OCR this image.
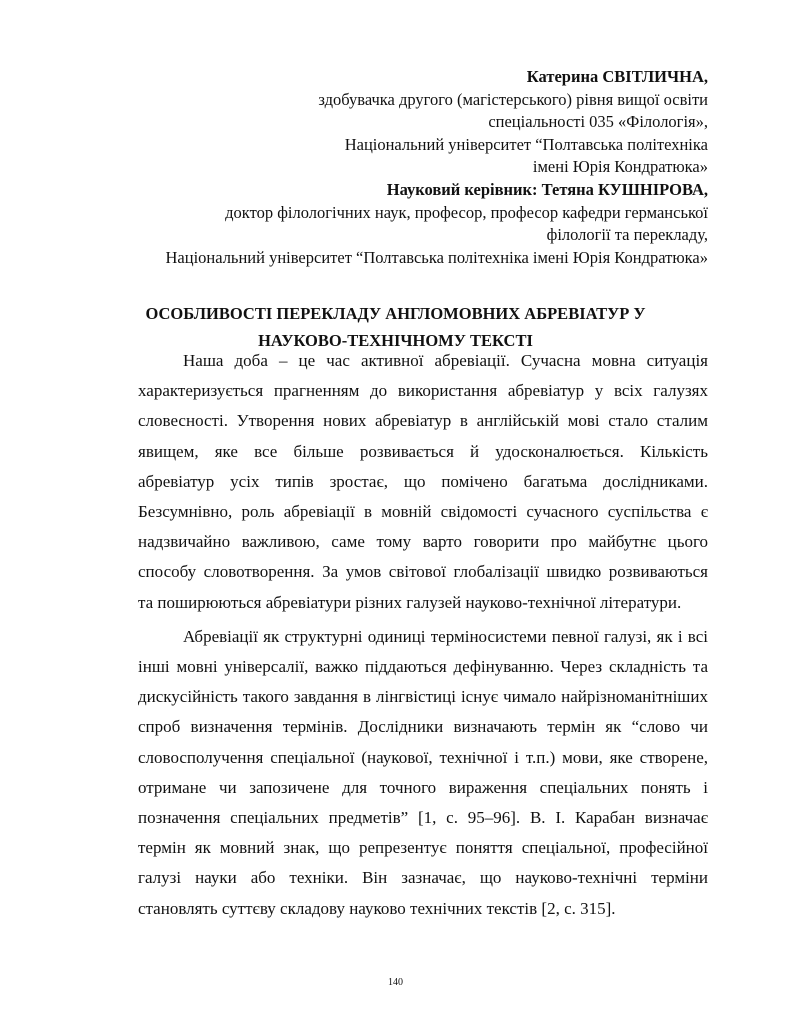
Катерина СВІТЛИЧНА,
здобувачка другого (магістерського) рівня вищої освіти
спеціальності 035 «Філологія»,
Національний університет “Полтавська політехніка
імені Юрія Кондратюка»
Науковий керівник: Тетяна КУШНІРОВА,
доктор філологічних наук, професор, професор кафедри германської
філології та перекладу,
Національний університет “Полтавська політехніка імені Юрія Кондратюка»
ОСОБЛИВОСТІ ПЕРЕКЛАДУ АНГЛОМОВНИХ АБРЕВІАТУР У
НАУКОВО-ТЕХНІЧНОМУ ТЕКСТІ
Наша доба – це час активної абревіації. Сучасна мовна ситуація
характеризується прагненням до використання абревіатур у всіх галузях
словесності. Утворення нових абревіатур в англійській мові стало сталим
явищем, яке все більше розвивається й удосконалюється. Кількість
абревіатур усіх типів зростає, що помічено багатьма дослідниками.
Безсумнівно, роль абревіації в мовній свідомості сучасного суспільства є
надзвичайно важливою, саме тому варто говорити про майбутнє цього
способу словотворення. За умов світової глобалізації швидко розвиваються
та поширюються абревіатури різних галузей науково-технічної літератури.
Абревіації як структурні одиниці терміносистеми певної галузі, як і всі
інші мовні універсалії, важко піддаються дефінуванню. Через складність та
дискусійність такого завдання в лінгвістиці існує чимало найрізноманітніших
спроб визначення термінів. Дослідники визначають термін як “слово чи
словосполучення спеціальної (наукової, технічної і т.п.) мови, яке створене,
отримане чи запозичене для точного вираження спеціальних понять і
позначення спеціальних предметів” [1, с. 95–96]. В. І. Карабан визначає
термін як мовний знак, що репрезентує поняття спеціальної, професійної
галузі науки або техніки. Він зазначає, що науково-технічні терміни
становлять суттєву складову науково технічних текстів [2, с. 315].
140
